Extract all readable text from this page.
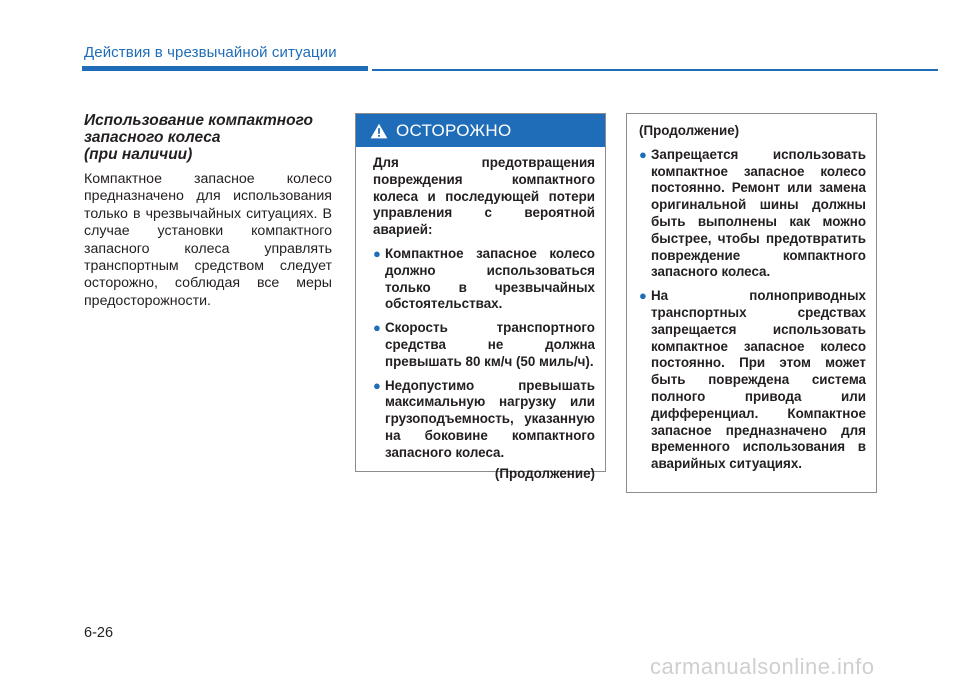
Действия в чрезвычайной ситуации
Использование компактного
запасного колеса
(при наличии)
Компактное запасное колесо предназначено для использования только в чрезвычайных ситуациях. В случае установки компактного запасного колеса управлять транспортным средством следует осторожно, соблюдая все меры предосторожности.
ОСТОРОЖНО

Для предотвращения повреждения компактного колеса и последующей потери управления с вероятной аварией:

● Компактное запасное колесо должно использоваться только в чрезвычайных обстоятельствах.
● Скорость транспортного средства не должна превышать 80 км/ч (50 миль/ч).
● Недопустимо превышать максимальную нагрузку или грузоподъемность, указанную на боковине компактного запасного колеса.
(Продолжение)
(Продолжение)
● Запрещается использовать компактное запасное колесо постоянно. Ремонт или замена оригинальной шины должны быть выполнены как можно быстрее, чтобы предотвратить повреждение компактного запасного колеса.
● На полноприводных транспортных средствах запрещается использовать компактное запасное колесо постоянно. При этом может быть повреждена система полного привода или дифференциал. Компактное запасное предназначено для временного использования в аварийных ситуациях.
6-26
carmanualsonline.info
